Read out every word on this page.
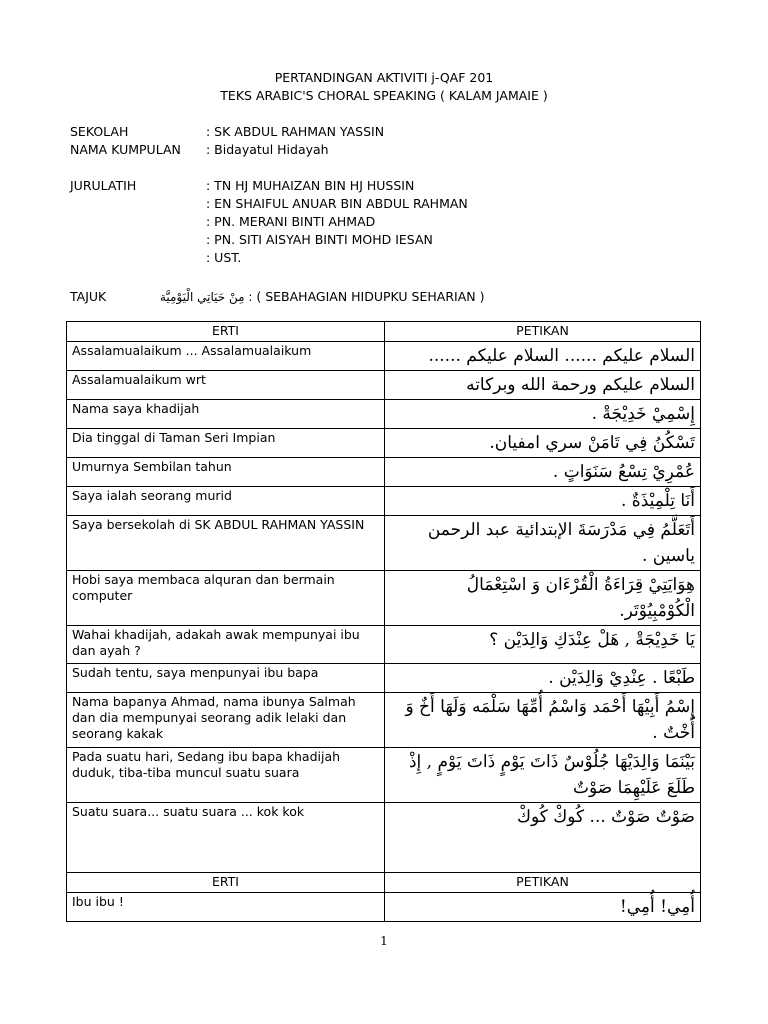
PERTANDINGAN AKTIVITI j-QAF 201
TEKS ARABIC'S CHORAL SPEAKING ( KALAM JAMAIE )
SEKOLAH	: SK ABDUL RAHMAN YASSIN
NAMA KUMPULAN : Bidayatul Hidayah
JURULATIH	: TN HJ MUHAIZAN BIN HJ HUSSIN
: EN SHAIFUL ANUAR BIN ABDUL RAHMAN
: PN. MERANI BINTI AHMAD
: PN. SITI AISYAH BINTI MOHD IESAN
: UST.
TAJUK	: مِنْ حَيَاتِي الْيَوْمِيَّة ( SEBAHAGIAN HIDUPKU SEHARIAN )
ERTI	PETIKAN
Assalamualaikum ... Assalamualaikum	السلام عليكم ...... السلام عليكم ......
Assalamualaikum wrt	السلام عليكم ورحمة الله وبركاته
Nama saya khadijah	إِسْمِيْ خَدِيْجَةْ .
Dia tinggal di Taman Seri Impian	تَسْكُنُ فِي تَامَنْ سري امفيان.
Umurnya Sembilan tahun	عُمْرِيْ تِسْعُ سَنَوَاتٍ .
Saya ialah seorang murid	أَنَا تِلْمِيْذَةٌ .
Saya bersekolah di SK ABDUL RAHMAN YASSIN	أَتَعَلَّمُ فِي مَدْرَسَةَ الإبتدائية عبد الرحمن ياسين .
Hobi saya membaca alquran dan bermain computer	هِوَايَتِيْ قِرَاءَةُ الْقُرْءَان وَ اسْتِعْمَالُ الْكُوْمْبِيُوْتَر.
Wahai khadijah, adakah awak mempunyai ibu dan ayah ?	يَا خَدِيْجَةْ , هَلْ عِنْدَكِ وَالِدَيْن ؟
Sudah tentu, saya menpunyai ibu bapa	طَبْعًا . عِنْدِيْ وَالِدَيْن .
Nama bapanya Ahmad, nama ibunya Salmah dan dia mempunyai seorang adik lelaki dan seorang kakak	إِسْمُ أَبِيْهَا أَحْمَد وَاسْمُ أُمِّهَا سَلْمَه وَلَهَا أَخٌ وَ أُخْتٌ .
Pada suatu hari, Sedang ibu bapa khadijah duduk, tiba-tiba muncul suatu suara	بَيْنَمَا وَالِدَيْهَا جُلُوْسٌ ذَاتَ يَوْمٍ ذَاتَ يَوْمٍ , إِذْ طَلَعَ عَلَيْهِمَا صَوْتٌ
Suatu suara... suatu suara ... kok kok	صَوْتٌ صَوْتٌ ... كُوكْ كُوكْ
ERTI	PETIKAN
Ibu ibu !	أُمِي! أُمِي!
1
